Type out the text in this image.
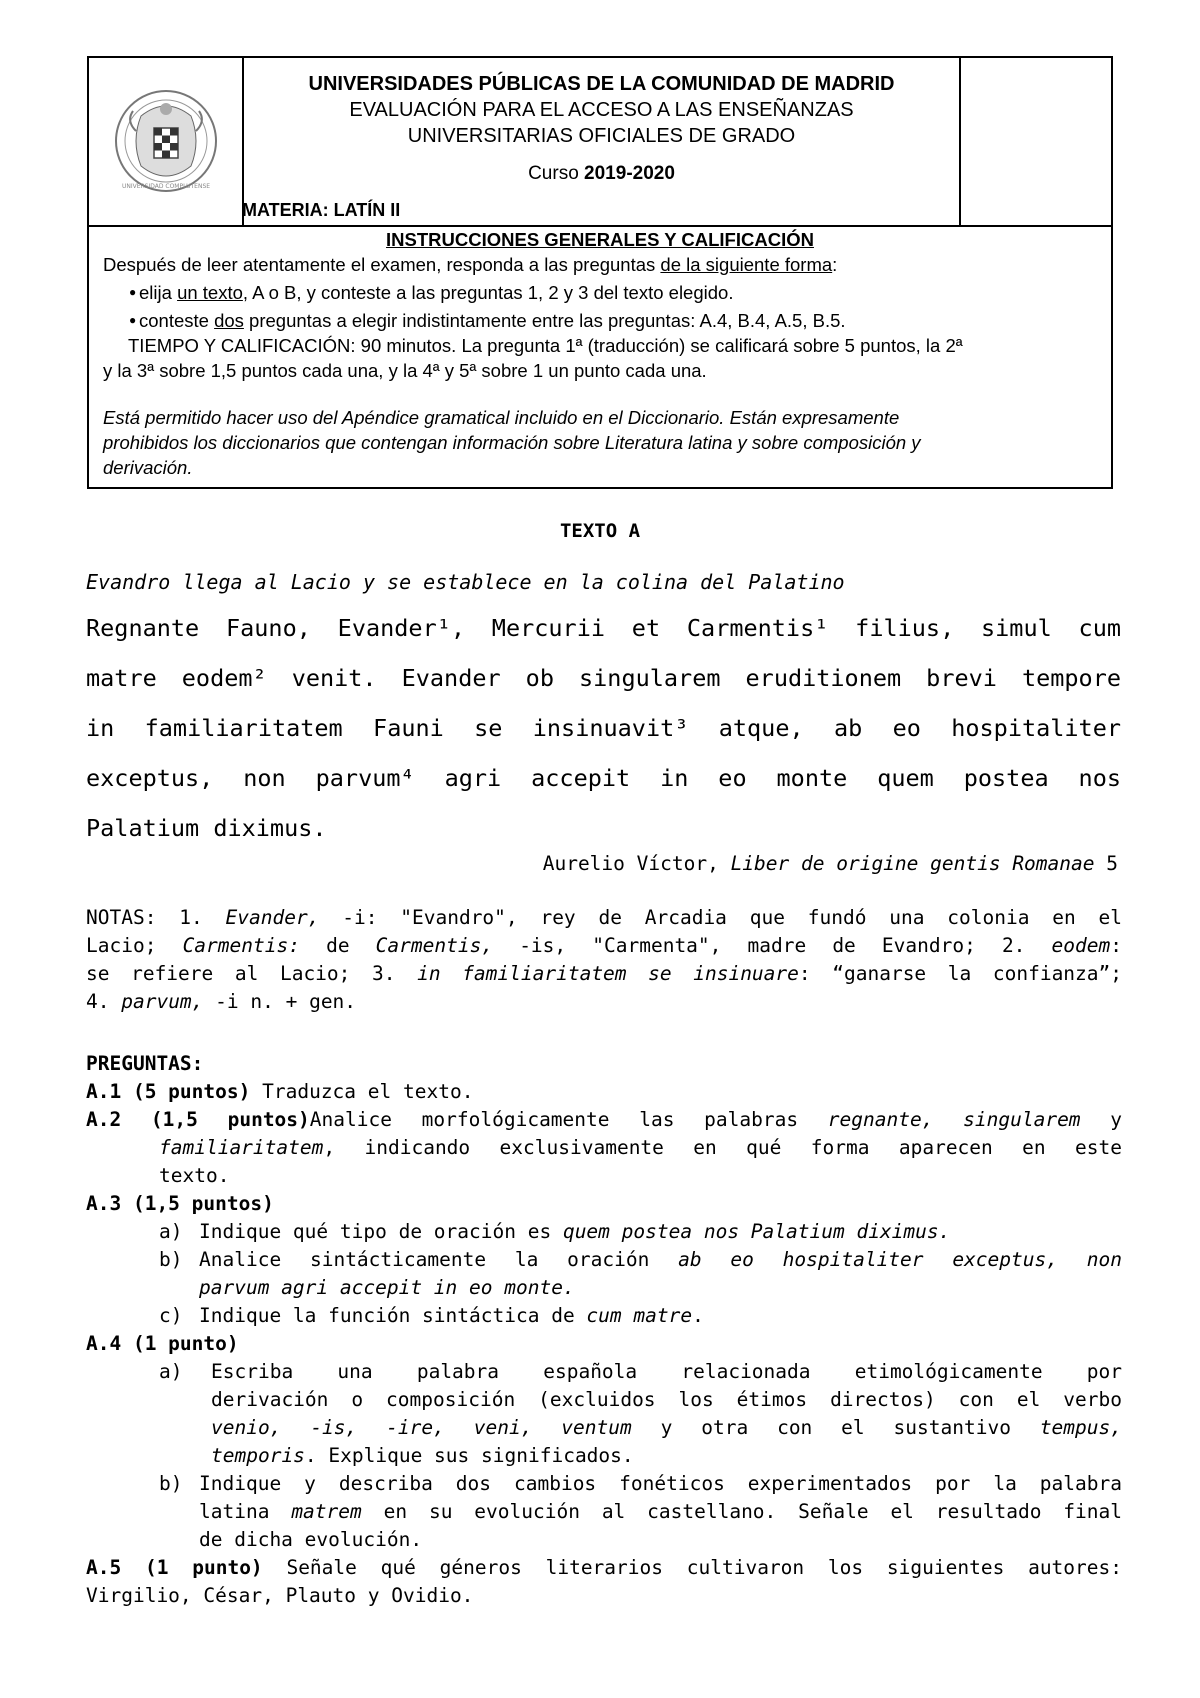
UNIVERSIDAD COMPLUTENSE
UNIVERSIDADES PÚBLICAS DE LA COMUNIDAD DE MADRID
EVALUACIÓN PARA EL ACCESO A LAS ENSEÑANZAS
UNIVERSITARIAS OFICIALES DE GRADO
Curso 2019-2020
MATERIA: LATÍN II
INSTRUCCIONES GENERALES Y CALIFICACIÓN
Después de leer atentamente el examen, responda a las preguntas de la siguiente forma:
● elija un texto, A o B, y conteste a las preguntas 1, 2 y 3 del texto elegido.
● conteste dos preguntas a elegir indistintamente entre las preguntas: A.4, B.4, A.5, B.5.
TIEMPO Y CALIFICACIÓN: 90 minutos. La pregunta 1ª (traducción) se calificará sobre 5 puntos, la 2ª
y la 3ª sobre 1,5 puntos cada una, y la 4ª y 5ª sobre 1 un punto cada una.
Está permitido hacer uso del Apéndice gramatical incluido en el Diccionario. Están expresamente
prohibidos los diccionarios que contengan información sobre Literatura latina y sobre composición y
derivación.
TEXTO A
Evandro llega al Lacio y se establece en la colina del Palatino
Regnante Fauno, Evander¹, Mercurii et Carmentis¹ filius, simul cum
matre eodem² venit. Evander ob singularem eruditionem brevi tempore
in familiaritatem Fauni se insinuavit³ atque, ab eo hospitaliter
exceptus, non parvum⁴ agri accepit in eo monte quem postea nos
Palatium diximus.
Aurelio Víctor, Liber de origine gentis Romanae 5
NOTAS: 1. Evander, -i: "Evandro", rey de Arcadia que fundó una colonia en el
Lacio; Carmentis: de Carmentis, -is, "Carmenta", madre de Evandro; 2. eodem:
se refiere al Lacio; 3. in familiaritatem se insinuare: “ganarse la confianza”;
4. parvum, -i n. + gen.
PREGUNTAS:
A.1 (5 puntos) Traduzca el texto.
A.2 (1,5 puntos)Analice morfológicamente las palabras regnante, singularem y
familiaritatem, indicando exclusivamente en qué forma aparecen en este
texto.
A.3 (1,5 puntos)
a) Indique qué tipo de oración es quem postea nos Palatium diximus.
b) Analice sintácticamente la oración ab eo hospitaliter exceptus, non
parvum agri accepit in eo monte.
c) Indique la función sintáctica de cum matre.
A.4 (1 punto)
a) Escriba una palabra española relacionada etimológicamente por
derivación o composición (excluidos los étimos directos) con el verbo
venio, -is, -ire, veni, ventum y otra con el sustantivo tempus,
temporis. Explique sus significados.
b) Indique y describa dos cambios fonéticos experimentados por la palabra
latina matrem en su evolución al castellano. Señale el resultado final
de dicha evolución.
A.5 (1 punto) Señale qué géneros literarios cultivaron los siguientes autores:
Virgilio, César, Plauto y Ovidio.
